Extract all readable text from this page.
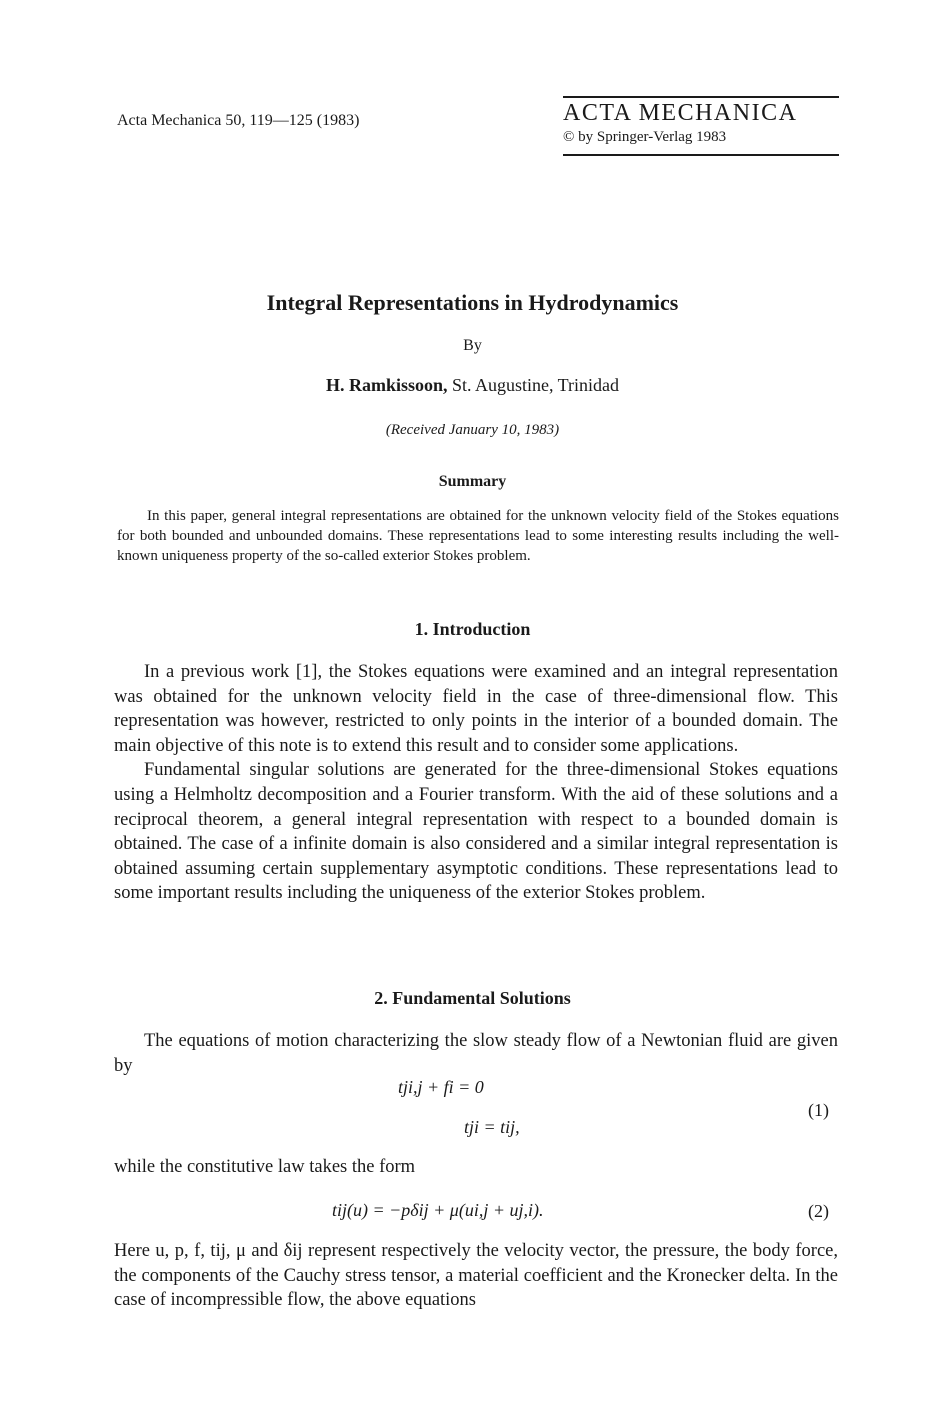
Acta Mechanica 50, 119—125 (1983)	ACTA MECHANICA
© by Springer-Verlag 1983
Integral Representations in Hydrodynamics
By
H. Ramkissoon, St. Augustine, Trinidad
(Received January 10, 1983)
Summary
In this paper, general integral representations are obtained for the unknown velocity field of the Stokes equations for both bounded and unbounded domains. These representations lead to some interesting results including the well-known uniqueness property of the so-called exterior Stokes problem.
1. Introduction

In a previous work [1], the Stokes equations were examined and an integral representation was obtained for the unknown velocity field in the case of three-dimensional flow. This representation was however, restricted to only points in the interior of a bounded domain. The main objective of this note is to extend this result and to consider some applications.

Fundamental singular solutions are generated for the three-dimensional Stokes equations using a Helmholtz decomposition and a Fourier transform. With the aid of these solutions and a reciprocal theorem, a general integral representation with respect to a bounded domain is obtained. The case of a infinite domain is also considered and a similar integral representation is obtained assuming certain supplementary asymptotic conditions. These representations lead to some important results including the uniqueness of the exterior Stokes problem.

2. Fundamental Solutions

The equations of motion characterizing the slow steady flow of a Newtonian fluid are given by

tji,j + fi = 0
tji = tij,
(1)
while the constitutive law takes the form
tij(u) = −pδij + μ(ui,j + uj,i).	(2)
Here u, p, f, tij, μ and δij represent respectively the velocity vector, the pressure, the body force, the components of the Cauchy stress tensor, a material coefficient and the Kronecker delta. In the case of incompressible flow, the above equations
